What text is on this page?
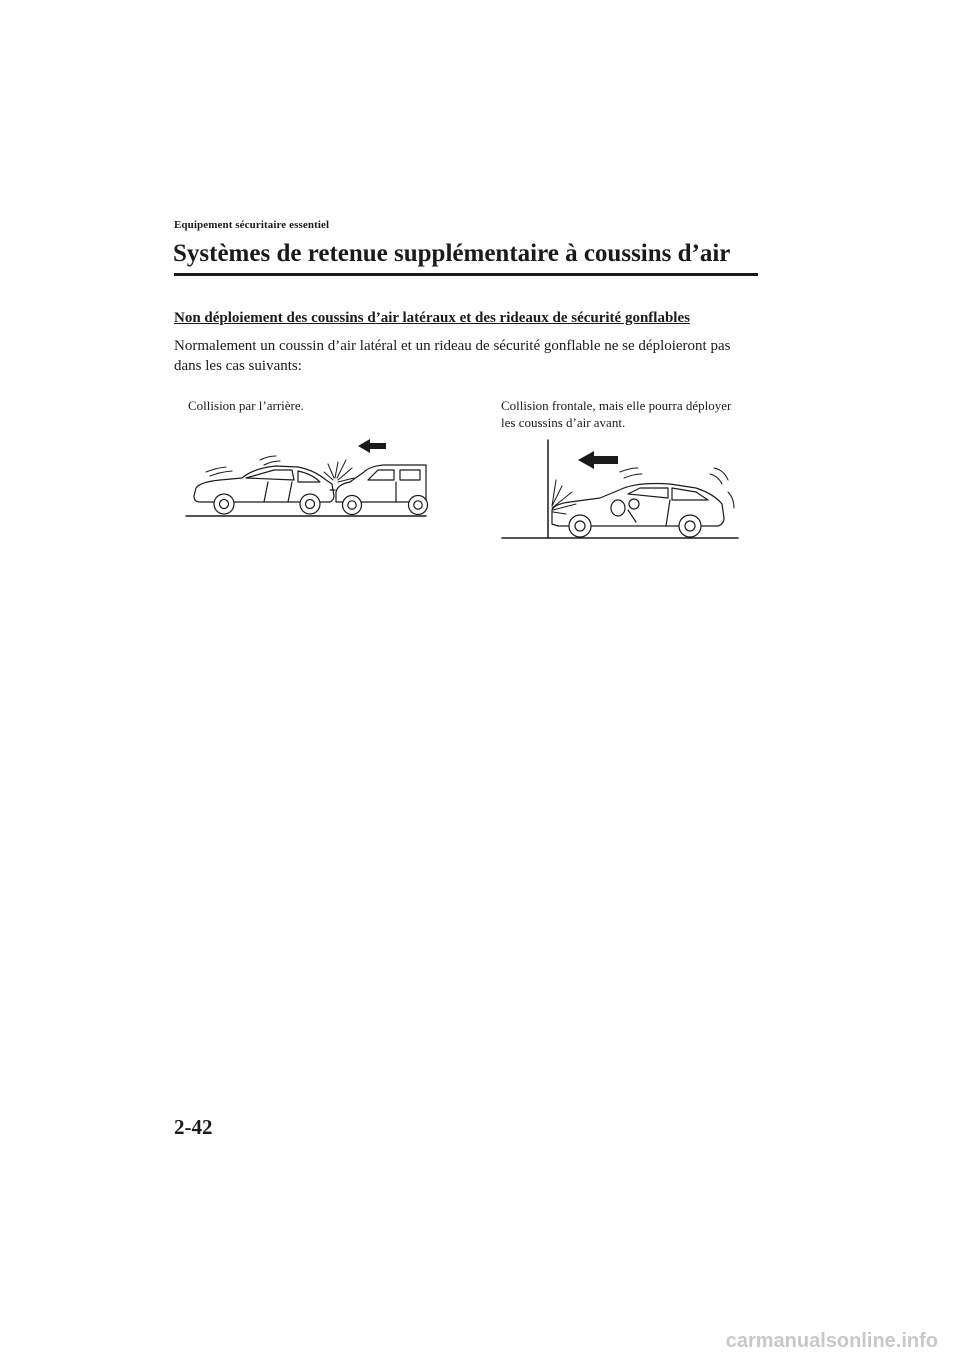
Equipement sécuritaire essentiel
Systèmes de retenue supplémentaire à coussins d’air
Non déploiement des coussins d’air latéraux et des rideaux de sécurité gonflables
Normalement un coussin d’air latéral et un rideau de sécurité gonflable ne se déploieront pas dans les cas suivants:
Collision par l’arrière.	Collision frontale, mais elle pourra déployer
les coussins d’air avant.
2-42
carmanualsonline.info
